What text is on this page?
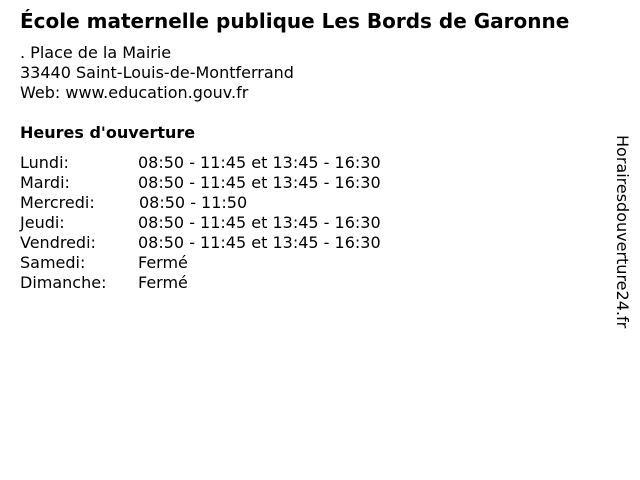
École maternelle publique Les Bords de Garonne
. Place de la Mairie
33440 Saint-Louis-de-Montferrand
Web: www.education.gouv.fr
Heures d'ouverture
Lundi:	08:50 - 11:45 et 13:45 - 16:30
Mardi:	08:50 - 11:45 et 13:45 - 16:30
Mercredi:	08:50 - 11:50
Jeudi:	08:50 - 11:45 et 13:45 - 16:30
Vendredi:	08:50 - 11:45 et 13:45 - 16:30
Samedi:	Fermé
Dimanche: Fermé	Horairesdouverture24.fr
